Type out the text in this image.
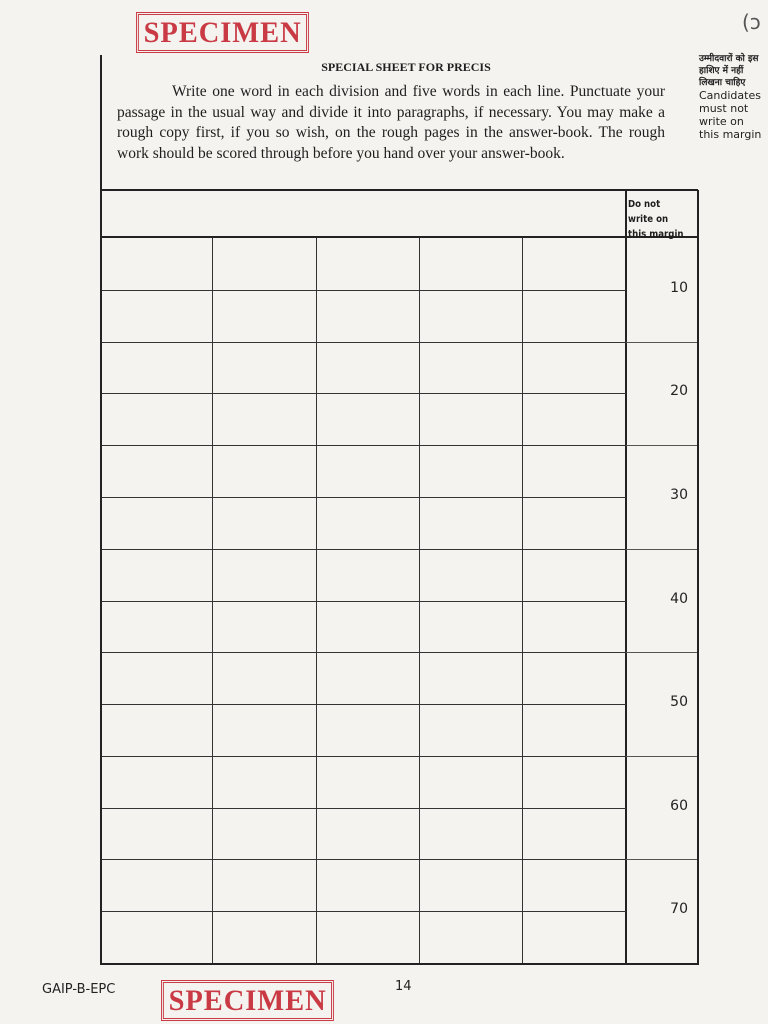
SPECIMEN	(ↄ
उम्मीदवारों को इस
हाशिए में नहीं
लिखना चाहिए
Candidates
must not
write on
this margin
SPECIAL SHEET FOR PRECIS

Write one word in each division and five words in each line. Punctuate your passage in the usual way and divide it into paragraphs, if necessary. You may make a rough copy first, if you so wish, on the rough pages in the answer-book. The rough work should be scored through before you hand over your answer-book.

Do not write on this margin
10
20
30
40
50
60
70
SPECIMEN
GAIP-B-EPC	14
